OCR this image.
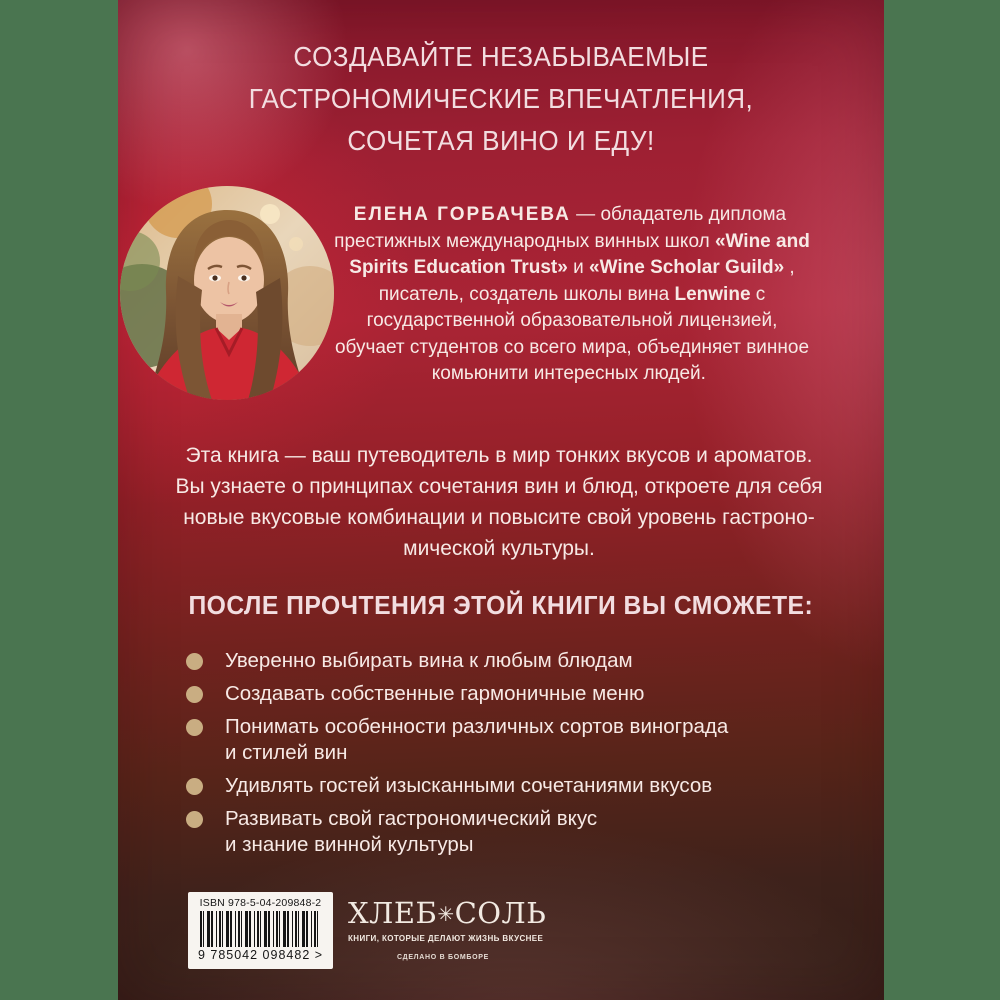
СОЗДАВАЙТЕ НЕЗАБЫВАЕМЫЕ
ГАСТРОНОМИЧЕСКИЕ ВПЕЧАТЛЕНИЯ,
СОЧЕТАЯ ВИНО И ЕДУ!
ЕЛЕНА ГОРБАЧЕВА — обладатель диплома престижных международных винных школ «Wine and Spirits Education Trust» и «Wine Scholar Guild» , писатель, создатель школы вина Lenwine с государственной образовательной лицензией, обучает студентов со всего мира, объединяет винное комьюнити интересных людей.
Эта книга — ваш путеводитель в мир тонких вкусов и ароматов.
Вы узнаете о принципах сочетания вин и блюд, откроете для себя
новые вкусовые комбинации и повысите свой уровень гастроно-
мической культуры.
ПОСЛЕ ПРОЧТЕНИЯ ЭТОЙ КНИГИ ВЫ СМОЖЕТЕ:
Уверенно выбирать вина к любым блюдам
Создавать собственные гармоничные меню
Понимать особенности различных сортов винограда
и стилей вин
Удивлять гостей изысканными сочетаниями вкусов
Развивать свой гастрономический вкус
и знание винной культуры
ISBN 978-5-04-209848-2
9 785042 098482 >
ХЛЕБ✳СОЛЬ
КНИГИ, КОТОРЫЕ ДЕЛАЮТ ЖИЗНЬ ВКУСНЕЕ
СДЕЛАНО В БОМБОРЕ
